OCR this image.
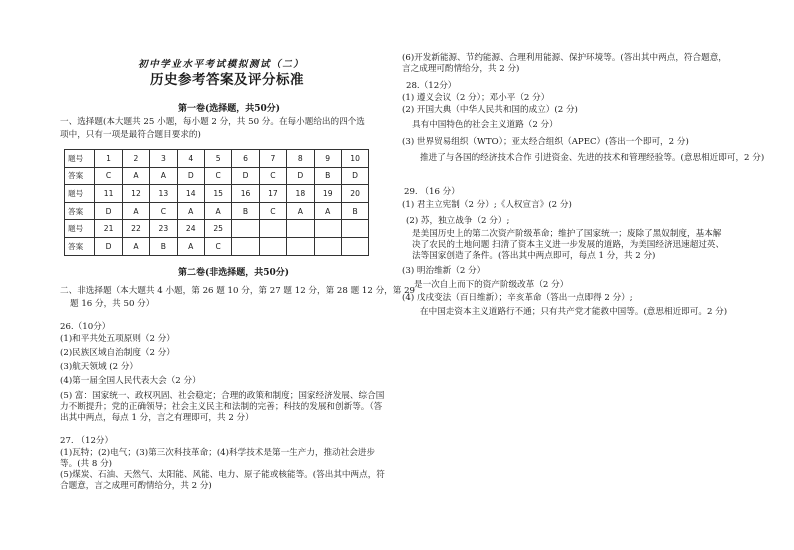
初中学业水平考试模拟测试（二）
历史参考答案及评分标准
第一卷(选择题，共50分)
一、选择题(本大题共 25 小题，每小题 2 分，共 50 分。在每小题给出的四个选
项中，只有一项是最符合题目要求的)
题号	1	2	3	4	5	6	7	8	9	10
答案	C	A	A	D	C	D	C	D	B	D
题号	11	12	13	14	15	16	17	18	19	20
答案	D	A	C	A	A	B	C	A	A	B
题号	21	22	23	24	25					
答案	D	A	B	A	C					
第二卷(非选择题，共50分)
二、非选择题（本大题共 4 小题，第 26 题 10 分，第 27 题 12 分，第 28 题 12 分，第 29
题 16 分，共 50 分）
26.（10分）
(1)和平共处五项原则（2 分）
(2)民族区域自治制度（2 分）
(3)航天领域 (2 分）
(4)第一届全国人民代表大会（2 分）
(5) 富：国家统一、政权巩固、社会稳定；合理的政策和制度；国家经济发展、综合国
力不断提升；党的正确领导；社会主义民主和法制的完善；科技的发展和创新等。（答
出其中两点，每点 1 分，言之有理即可，共 2 分）
27. （12分）
(1)瓦特；(2)电气；(3)第三次科技革命；(4)科学技术是第一生产力，推动社会进步
等。(共 8 分)
(5)煤炭、石油、天然气、太阳能、风能、电力、原子能或核能等。(答出其中两点，符
合题意，言之成理可酌情给分，共 2 分)
(6)开发新能源、节约能源、合理利用能源、保护环境等。(答出其中两点，符合题意，
言之成理可酌情给分，共 2 分)
28.（12分）
(1) 遵义会议（2 分）；邓小平（2 分）
(2) 开国大典（中华人民共和国的成立）(2 分)
具有中国特色的社会主义道路（2 分）
(3) 世界贸易组织（WTO）；亚太经合组织（APEC）(答出一个即可，2 分)
推进了与各国的经济技术合作 引进资金、先进的技术和管理经验等。(意思相近即可，2 分)
29. （16 分）
(1) 君主立宪制（2 分）;《人权宣言》(2 分)
(2) 苏，独立战争（2 分）;
是美国历史上的第二次资产阶级革命；维护了国家统一；废除了黑奴制度，基本解
决了农民的土地问题 扫清了资本主义进一步发展的道路，为美国经济迅速超过英、
法等国家创造了条件。(答出其中两点即可，每点 1 分，共 2 分)
(3) 明治维新（2 分）
是一次自上而下的资产阶级改革（2 分）
(4) 戊戌变法（百日维新）；辛亥革命（答出一点即得 2 分）;
在中国走资本主义道路行不通；只有共产党才能救中国等。(意思相近即可。2 分)
